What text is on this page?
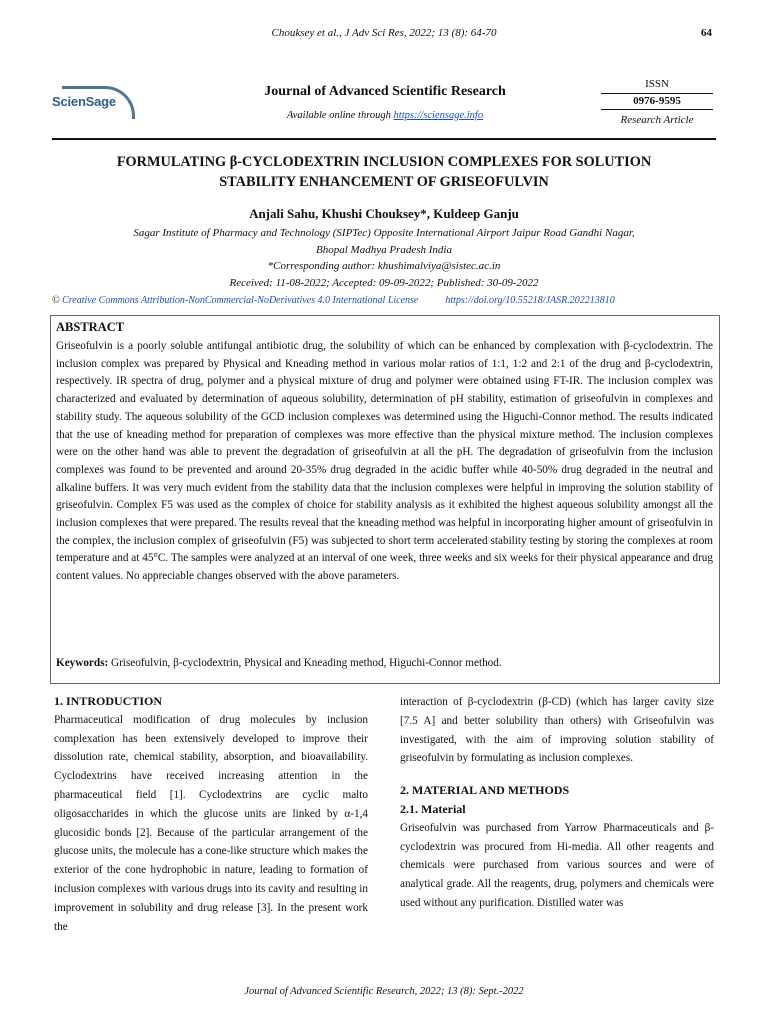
Chouksey et al., J Adv Sci Res, 2022; 13 (8): 64-70	64
ScienSage
Journal of Advanced Scientific Research
Available online through https://sciensage.info
ISSN
0976-9595
Research Article
FORMULATING β-CYCLODEXTRIN INCLUSION COMPLEXES FOR SOLUTION
STABILITY ENHANCEMENT OF GRISEOFULVIN
Anjali Sahu, Khushi Chouksey*, Kuldeep Ganju
Sagar Institute of Pharmacy and Technology (SIPTec) Opposite International Airport Jaipur Road Gandhi Nagar,
Bhopal Madhya Pradesh India
*Corresponding author: khushimalviya@sistec.ac.in
Received: 11-08-2022; Accepted: 09-09-2022; Published: 30-09-2022
© Creative Commons Attribution-NonCommercial-NoDerivatives 4.0 International License	https://doi.org/10.55218/JASR.202213810
ABSTRACT
Griseofulvin is a poorly soluble antifungal antibiotic drug, the solubility of which can be enhanced by complexation with β-cyclodextrin. The inclusion complex was prepared by Physical and Kneading method in various molar ratios of 1:1, 1:2 and 2:1 of the drug and β-cyclodextrin, respectively. IR spectra of drug, polymer and a physical mixture of drug and polymer were obtained using FT-IR. The inclusion complex was characterized and evaluated by determination of aqueous solubility, determination of pH stability, estimation of griseofulvin in complexes and stability study. The aqueous solubility of the GCD inclusion complexes was determined using the Higuchi-Connor method. The results indicated that the use of kneading method for preparation of complexes was more effective than the physical mixture method. The inclusion complexes were on the other hand was able to prevent the degradation of griseofulvin at all the pH. The degradation of griseofulvin from the inclusion complexes was found to be prevented and around 20-35% drug degraded in the acidic buffer while 40-50% drug degraded in the neutral and alkaline buffers. It was very much evident from the stability data that the inclusion complexes were helpful in improving the solution stability of griseofulvin. Complex F5 was used as the complex of choice for stability analysis as it exhibited the highest aqueous solubility amongst all the inclusion complexes that were prepared. The results reveal that the kneading method was helpful in incorporating higher amount of griseofulvin in the complex, the inclusion complex of griseofulvin (F5) was subjected to short term accelerated stability testing by storing the complexes at room temperature and at 45°C. The samples were analyzed at an interval of one week, three weeks and six weeks for their physical appearance and drug content values. No appreciable changes observed with the above parameters.
Keywords: Griseofulvin, β-cyclodextrin, Physical and Kneading method, Higuchi-Connor method.
1. INTRODUCTION
Pharmaceutical modification of drug molecules by inclusion complexation has been extensively developed to improve their dissolution rate, chemical stability, absorption, and bioavailability. Cyclodextrins have received increasing attention in the pharmaceutical field [1]. Cyclodextrins are cyclic malto oligosaccharides in which the glucose units are linked by α-1,4 glucosidic bonds [2]. Because of the particular arrangement of the glucose units, the molecule has a cone-like structure which makes the exterior of the cone hydrophobic in nature, leading to formation of inclusion complexes with various drugs into its cavity and resulting in improvement in solubility and drug release [3]. In the present work the
interaction of β-cyclodextrin (β-CD) (which has larger cavity size [7.5 A] and better solubility than others) with Griseofulvin was investigated, with the aim of improving solution stability of griseofulvin by formulating as inclusion complexes.
2. MATERIAL AND METHODS
2.1. Material
Griseofulvin was purchased from Yarrow Pharmaceuticals and β-cyclodextrin was procured from Hi-media. All other reagents and chemicals were purchased from various sources and were of analytical grade. All the reagents, drug, polymers and chemicals were used without any purification. Distilled water was
Journal of Advanced Scientific Research, 2022; 13 (8): Sept.-2022
